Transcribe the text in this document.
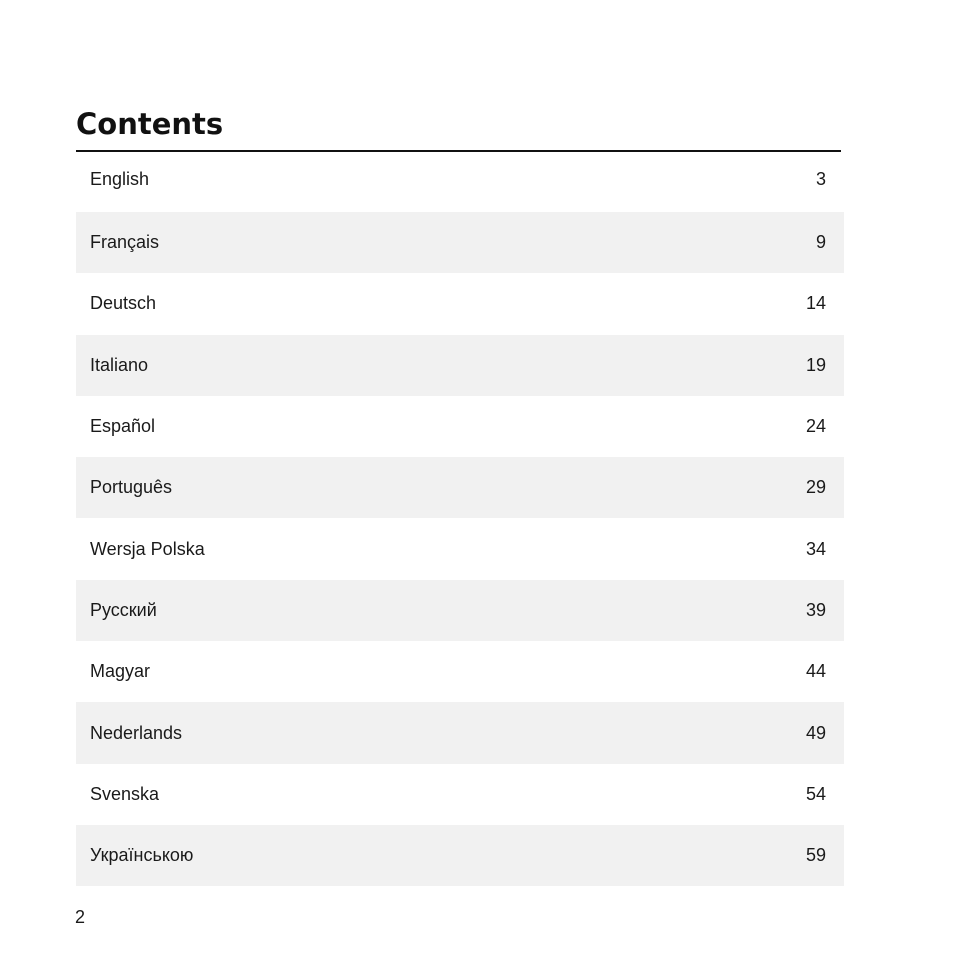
Contents
English	3
Français	9
Deutsch	14
Italiano	19
Español	24
Português	29
Wersja Polska	34
Русский	39
Magyar	44
Nederlands	49
Svenska	54
Українською	59
2
